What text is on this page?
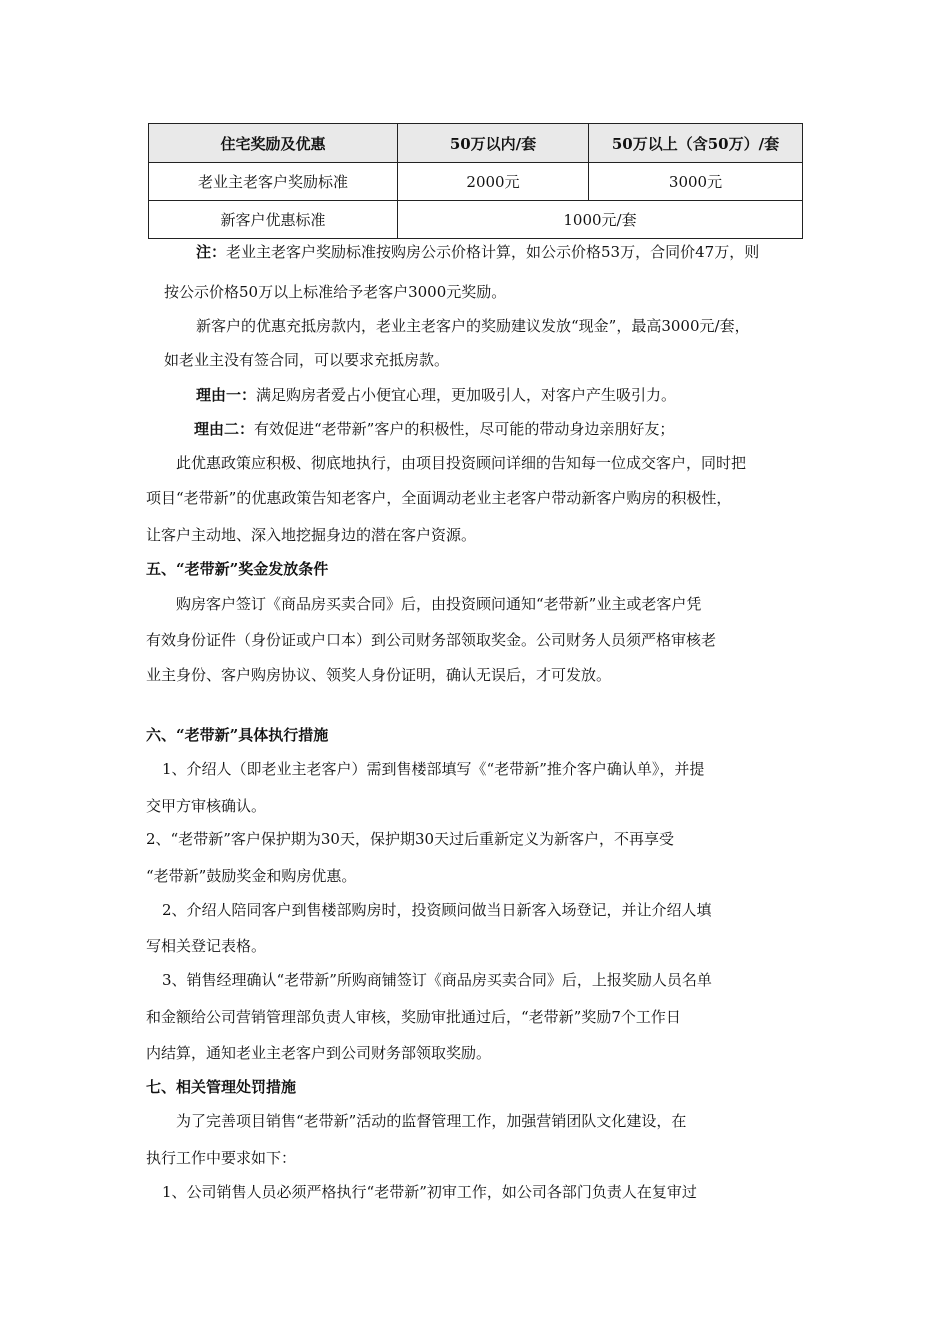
住宅奖励及优惠	50万以内/套	50万以上（含50万）/套
老业主老客户奖励标准	2000元	3000元
新客户优惠标准	1000元/套	
注：老业主老客户奖励标准按购房公示价格计算，如公示价格53万，合同价47万，则
按公示价格50万以上标准给予老客户3000元奖励。
新客户的优惠充抵房款内，老业主老客户的奖励建议发放“现金”，最高3000元/套，
如老业主没有签合同，可以要求充抵房款。
理由一：满足购房者爱占小便宜心理，更加吸引人，对客户产生吸引力。
理由二：有效促进“老带新”客户的积极性，尽可能的带动身边亲朋好友；
此优惠政策应积极、彻底地执行，由项目投资顾问详细的告知每一位成交客户，同时把
项目“老带新”的优惠政策告知老客户，全面调动老业主老客户带动新客户购房的积极性，
让客户主动地、深入地挖掘身边的潜在客户资源。
五、“老带新”奖金发放条件
购房客户签订《商品房买卖合同》后，由投资顾问通知“老带新”业主或老客户凭
有效身份证件（身份证或户口本）到公司财务部领取奖金。公司财务人员须严格审核老
业主身份、客户购房协议、领奖人身份证明，确认无误后，才可发放。
六、“老带新”具体执行措施
1、介绍人（即老业主老客户）需到售楼部填写《“老带新”推介客户确认单》，并提
交甲方审核确认。
2、“老带新”客户保护期为30天，保护期30天过后重新定义为新客户，不再享受
“老带新”鼓励奖金和购房优惠。
2、介绍人陪同客户到售楼部购房时，投资顾问做当日新客入场登记，并让介绍人填
写相关登记表格。
3、销售经理确认“老带新”所购商铺签订《商品房买卖合同》后，上报奖励人员名单
和金额给公司营销管理部负责人审核，奖励审批通过后，“老带新”奖励7个工作日
内结算，通知老业主老客户到公司财务部领取奖励。
七、相关管理处罚措施
为了完善项目销售“老带新”活动的监督管理工作，加强营销团队文化建设，在
执行工作中要求如下：
1、公司销售人员必须严格执行“老带新”初审工作，如公司各部门负责人在复审过
